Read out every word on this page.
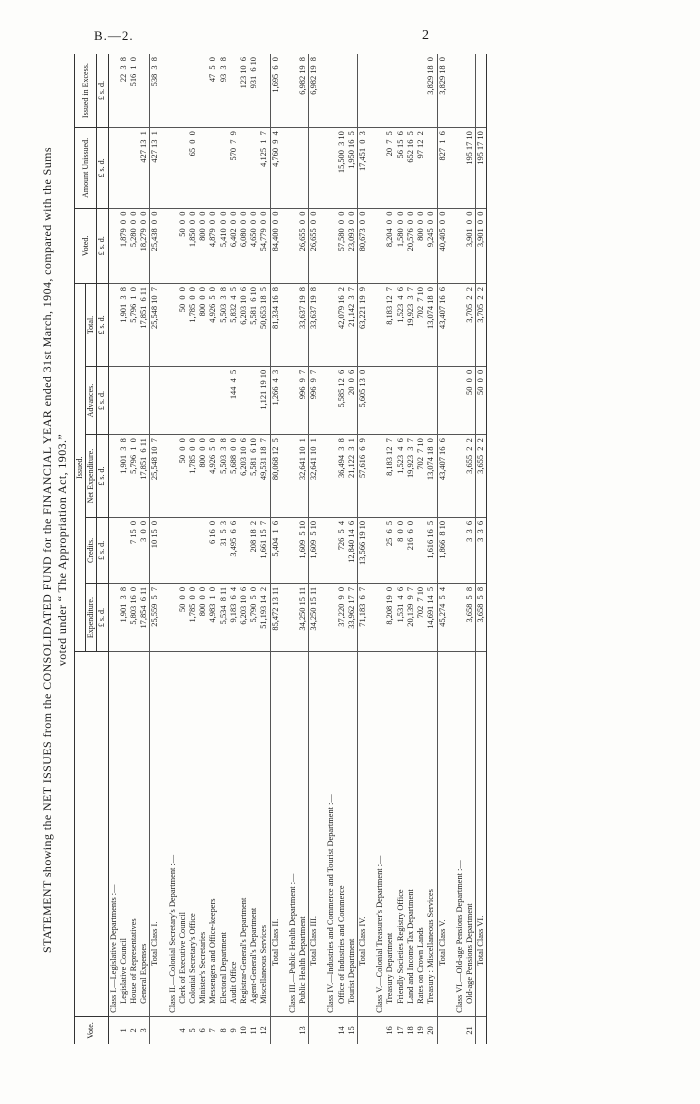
B.—2.	2
STATEMENT showing the NET ISSUES from the CONSOLIDATED FUND for the FINANCIAL YEAR ended 31st March, 1904, compared with the Sums voted under “ The Appropriation Act, 1903.”
Vote.		Issued.					Voted.	Amount Unissued.	Issued in Excess.
		Expenditure.	Credits.	Net Expenditure.	Advances.	Total.			
		£ s. d.	£ s. d.	£ s. d.	£ s. d.	£ s. d.	£ s. d.	£ s. d.	£ s. d.
	Class I.—Legislative Departments :—								
1	Legislative Council	1,901  3  8		1,901  3  8		1,901  3  8	1,879  0  0		22  3  8
2	House of Representatives	5,803 16  0	7 15  0	5,796  1  0		5,796  1  0	5,280  0  0		516  1  0
3	General Expenses	17,854  6 11	3  0  0	17,851  6 11		17,851  6 11	18,279  0  0	427 13  1	
	Total Class I.	25,559  5  7	10 15  0	25,548 10  7		25,548 10  7	25,438  0  0	427 13  1	538  3  8

	Class II.—Colonial Secretary's Department :—								
4	Clerk of Executive Council	50  0  0		50  0  0		50  0  0	50  0  0		
5	Colonial Secretary's Office	1,785  0  0		1,785  0  0		1,785  0  0	1,850  0  0	65  0  0	
6	Minister's Secretaries	800  0  0		800  0  0		800  0  0	800  0  0		
7	Messengers and Office-keepers	4,983  1  0	6 16  0	4,926  5  0		4,926  5  0	4,879  0  0		47  5  0
8	Electoral Department	5,534  8 11	31  5  3	5,503  3  8		5,503  3  8	5,410  0  0		93  3  8
9	Audit Office	9,183  6  4	3,495  6  6	5,688  0  0	144  4  5	5,832  4  5	6,402  0  0	570  7  9	
10	Registrar-General's Department	6,203 10  6		6,203 10  6		6,203 10  6	6,080  0  0		123 10  6
11	Agent-General's Department	5,790  5  0	208 18  2	5,581  6 10		5,581  6 10	4,650  0  0		931  6 10
12	Miscellaneous Services	51,193 14  2	1,661 15  7	49,531 18  7	1,121 19 10	50,653 18  5	54,779  0  0	4,125  1  7	
	Total Class II.	85,472 13 11	5,404  1  6	80,068 12  5	1,266  4  3	81,334 16  8	84,400  0  0	4,760  9  4	1,695  6  0

	Class III.—Public Health Department :—								
13	Public Health Department	34,250 15 11	1,609  5 10	32,641 10  1	996  9  7	33,637 19  8	26,655  0  0		6,982 19  8
	Total Class III.	34,250 15 11	1,609  5 10	32,641 10  1	996  9  7	33,637 19  8	26,655  0  0		6,982 19  8

	Class IV.—Industries and Commerce and Tourist Department :—								
14	Office of Industries and Commerce	37,220  9  0	726  5  4	36,494  3  8	5,585 12  6	42,079 16  2	57,580  0  0	15,500  3 10	
15	Tourist Department	33,962 17  7	12,840 14  6	21,122  3  1	20  0  6	21,142  3  7	23,093  0  0	1,950 16  5	
	Total Class IV.	71,183  6  7	13,566 19 10	57,616  6  9	5,605 13  0	63,221 19  9	80,673  0  0	17,451  0  3	

	Class V.—Colonial Treasurer's Department :—								
16	Treasury Department	8,208 19  0	25  6  5	8,183 12  7		8,183 12  7	8,204  0  0	20  7  5	
17	Friendly Societies Registry Office	1,531  4  6	8  0  0	1,523  4  6		1,523  4  6	1,580  0  0	56 15  6	
18	Land and Income Tax Department	20,139  9  7	216  6  0	19,923  3  7		19,923  3  7	20,576  0  0	652 16  5	
19	Rates on Crown Lands	702  7 10		702  7 10		702  7 10	800  0  0	97 12  2	
20	Treasury : Miscellaneous Services	14,691 14  5	1,616 16  5	13,074 18  0		13,074 18  0	9,245  0  0		3,829 18  0
	Total Class V.	45,274  5  4	1,866  8 10	43,407 16  6		43,407 16  6	40,405  0  0	827  1  6	3,829 18  0

	Class VI.—Old-age Pensions Department :—								
21	Old-age Pensions Department	3,658  5  8	3  3  6	3,655  2  2	50  0  0	3,705  2  2	3,901  0  0	195 17 10	
	Total Class VI.	3,658  5  8	3  3  6	3,655  2  2	50  0  0	3,705  2  2	3,901  0  0	195 17 10	
